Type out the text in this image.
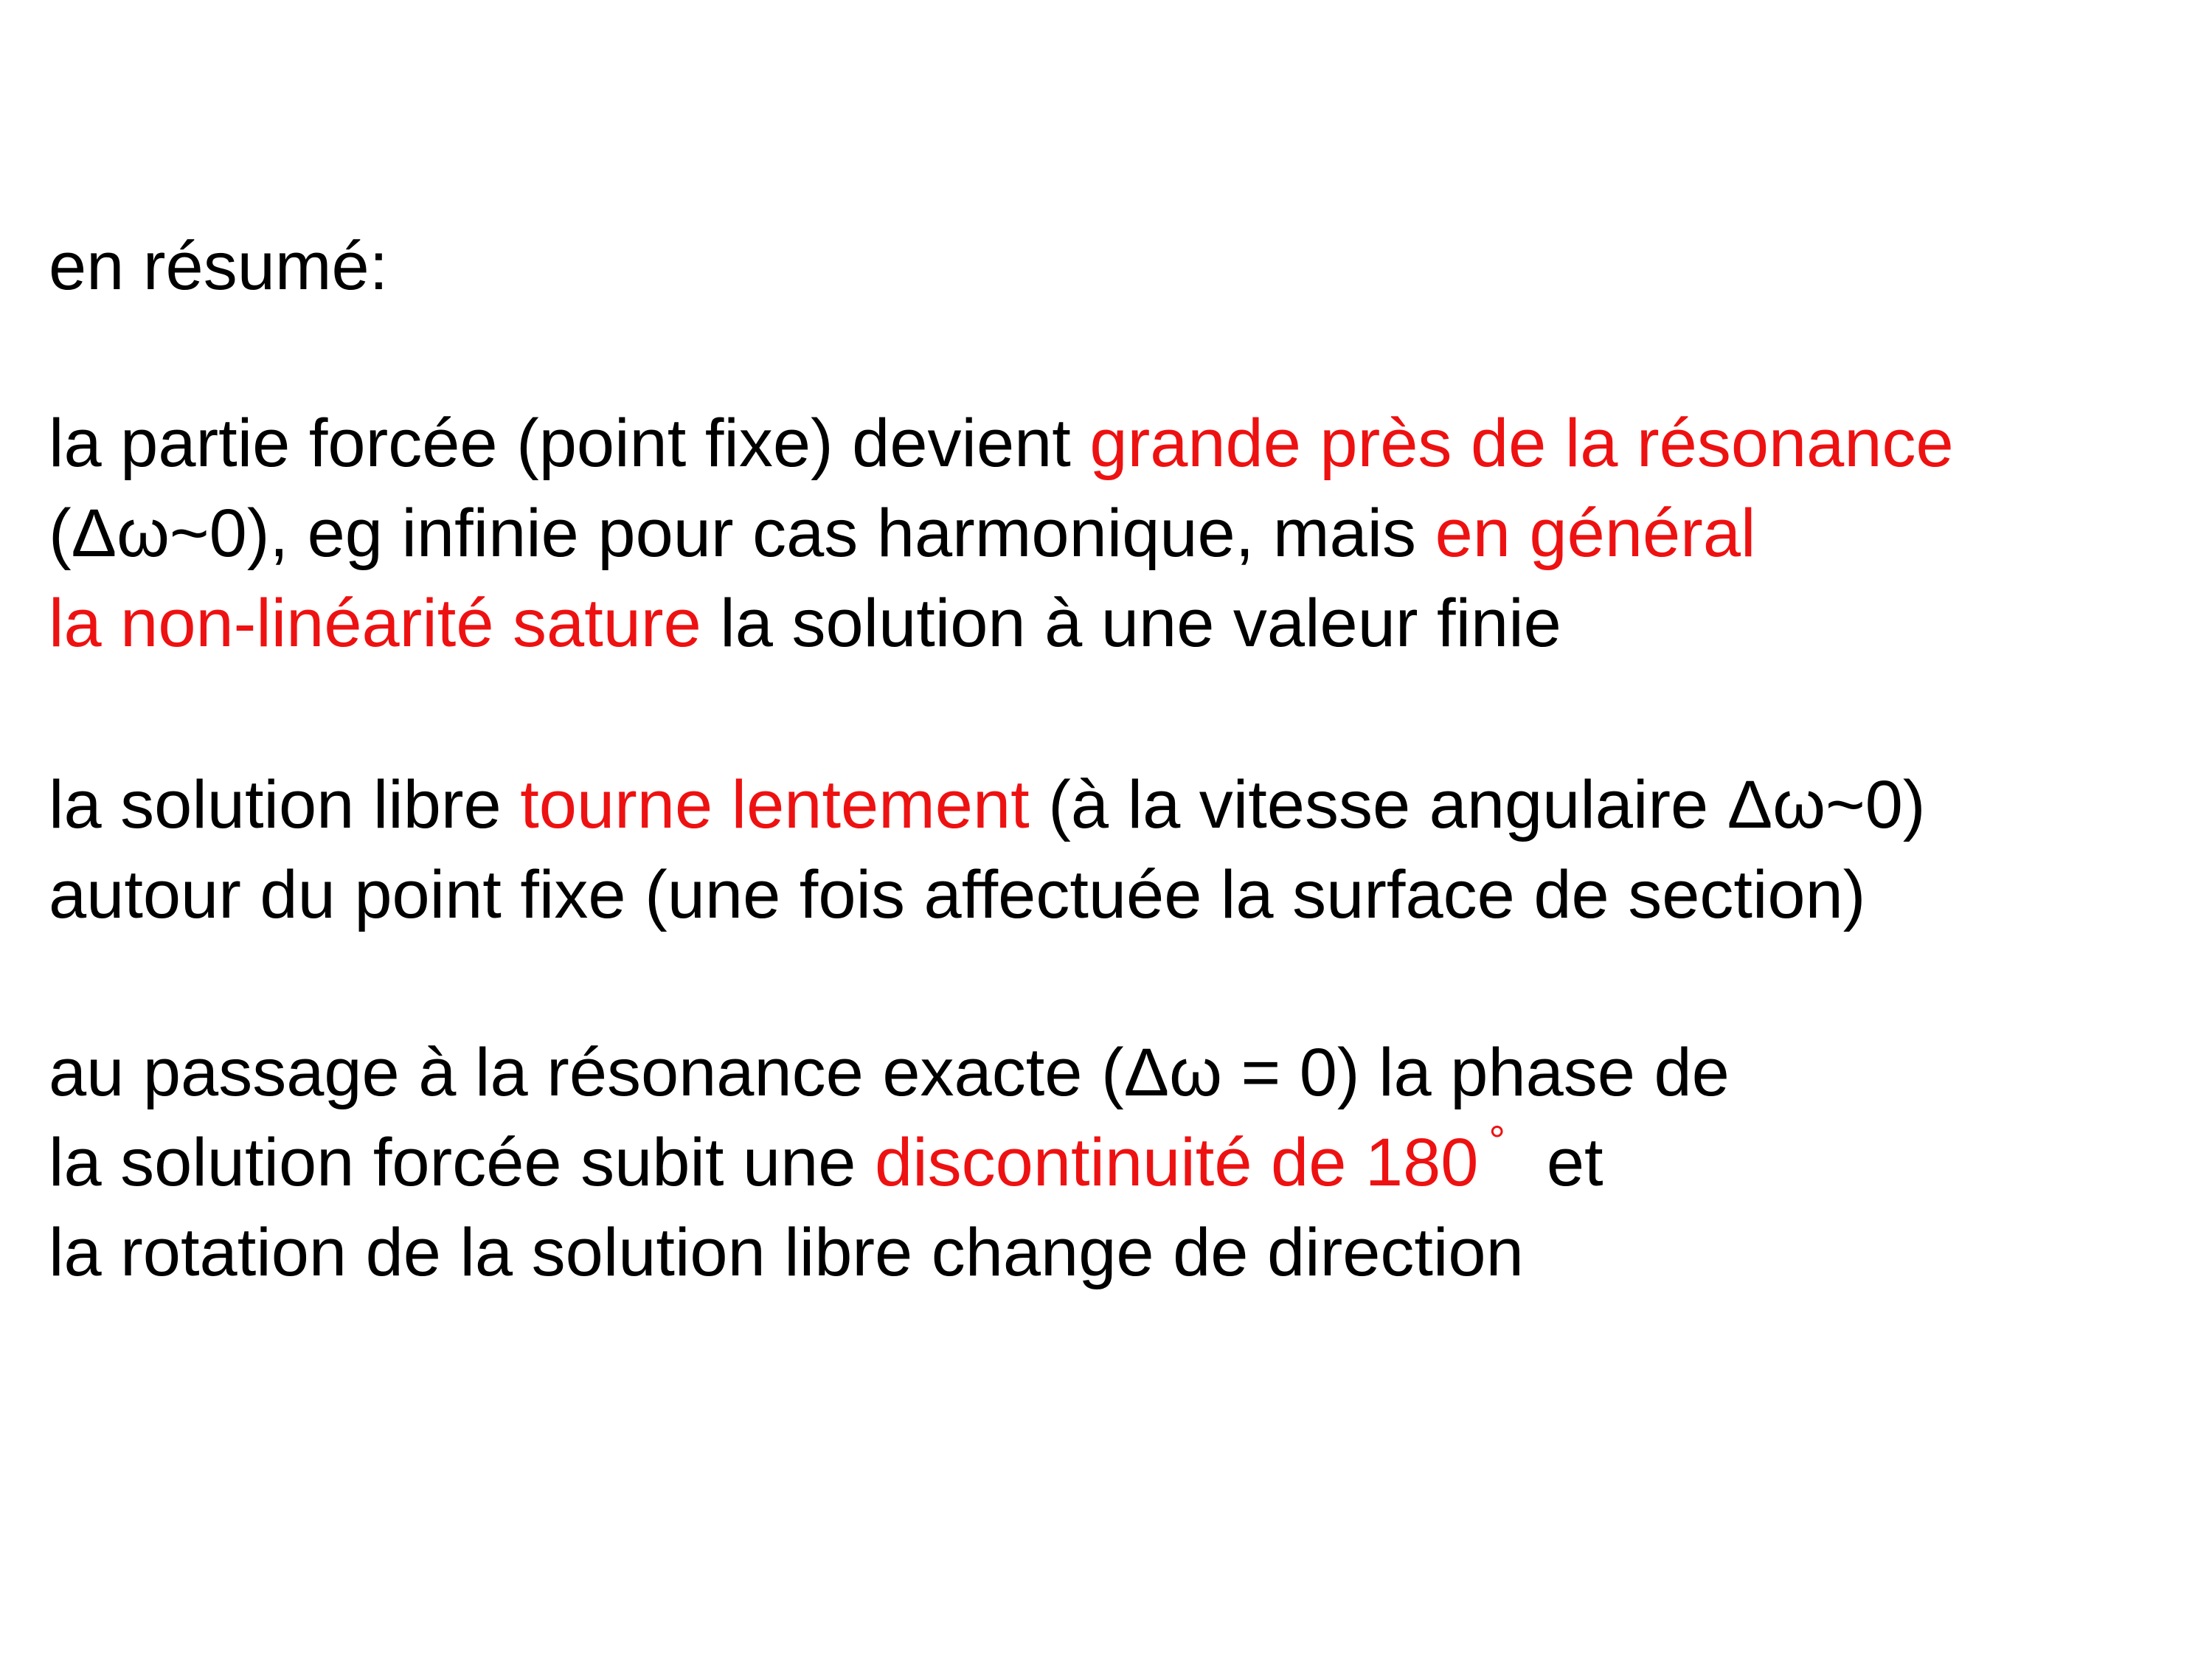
en résumé:

la partie forcée (point fixe) devient grande près de la résonance
(Δω~0), eg infinie pour cas harmonique, mais en général
la non-linéarité sature la solution à une valeur finie

la solution libre tourne lentement (à la vitesse angulaire Δω~0)
autour du point fixe (une fois affectuée la surface de section)

au passage à la résonance exacte (Δω = 0) la phase de
la solution forcée subit une discontinuité de 180 ° et
la rotation de la solution libre change de direction
